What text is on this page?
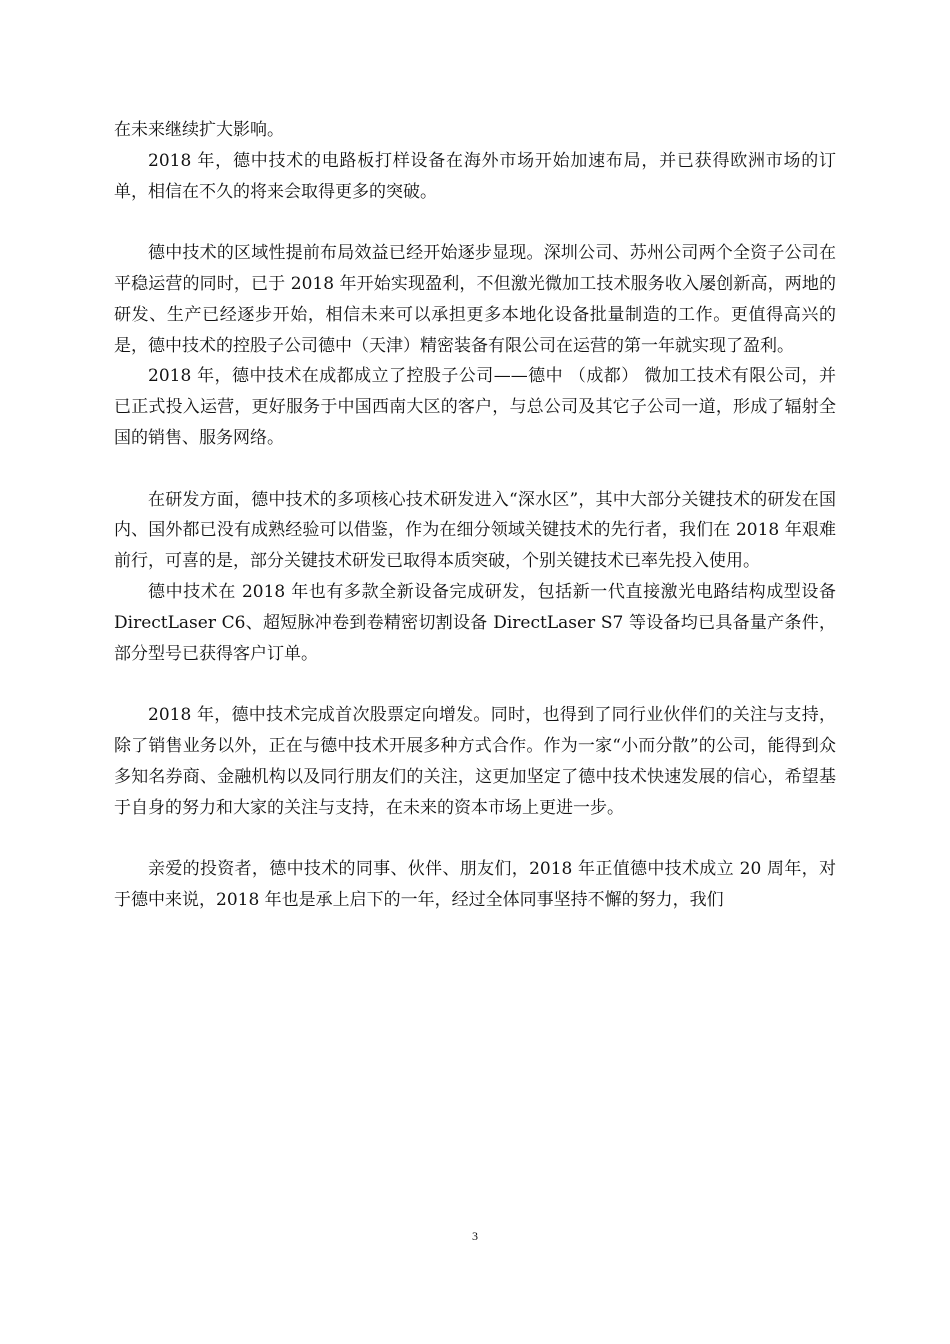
在未来继续扩大影响。

2018 年，德中技术的电路板打样设备在海外市场开始加速布局，并已获得欧洲市场的订单，相信在不久的将来会取得更多的突破。

德中技术的区域性提前布局效益已经开始逐步显现。深圳公司、苏州公司两个全资子公司在平稳运营的同时，已于 2018 年开始实现盈利，不但激光微加工技术服务收入屡创新高，两地的研发、生产已经逐步开始，相信未来可以承担更多本地化设备批量制造的工作。更值得高兴的是，德中技术的控股子公司德中（天津）精密装备有限公司在运营的第一年就实现了盈利。

2018 年，德中技术在成都成立了控股子公司——德中 （成都） 微加工技术有限公司，并已正式投入运营，更好服务于中国西南大区的客户，与总公司及其它子公司一道，形成了辐射全国的销售、服务网络。

在研发方面，德中技术的多项核心技术研发进入“深水区”，其中大部分关键技术的研发在国内、国外都已没有成熟经验可以借鉴，作为在细分领域关键技术的先行者，我们在 2018 年艰难前行，可喜的是，部分关键技术研发已取得本质突破，个别关键技术已率先投入使用。

德中技术在 2018 年也有多款全新设备完成研发，包括新一代直接激光电路结构成型设备 DirectLaser C6、超短脉冲卷到卷精密切割设备 DirectLaser S7 等设备均已具备量产条件，部分型号已获得客户订单。

2018 年，德中技术完成首次股票定向增发。同时，也得到了同行业伙伴们的关注与支持，除了销售业务以外，正在与德中技术开展多种方式合作。作为一家“小而分散”的公司，能得到众多知名券商、金融机构以及同行朋友们的关注，这更加坚定了德中技术快速发展的信心，希望基于自身的努力和大家的关注与支持，在未来的资本市场上更进一步。

亲爱的投资者，德中技术的同事、伙伴、朋友们，2018 年正值德中技术成立 20 周年，对于德中来说，2018 年也是承上启下的一年，经过全体同事坚持不懈的努力，我们

3
